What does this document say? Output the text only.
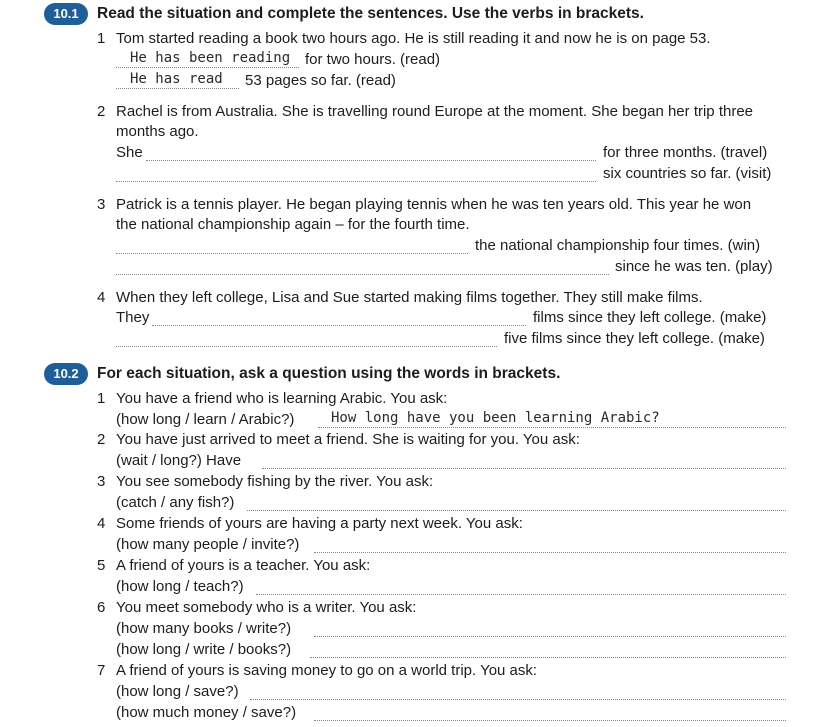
10.1	Read the situation and complete the sentences. Use the verbs in brackets.
1 Tom started reading a book two hours ago. He is still reading it and now he is on page 53.
He has been reading for two hours. (read)
He has read 53 pages so far. (read)
2 Rachel is from Australia. She is travelling round Europe at the moment. She began her trip three
months ago.
She	for three months. (travel)
six countries so far. (visit)
3 Patrick is a tennis player. He began playing tennis when he was ten years old. This year he won
the national championship again – for the fourth time.
the national championship four times. (win)
since he was ten. (play)
4 When they left college, Lisa and Sue started making films together. They still make films.
They	films since they left college. (make)
five films since they left college. (make)
10.2	For each situation, ask a question using the words in brackets.
1 You have a friend who is learning Arabic. You ask:
(how long / learn / Arabic?)	How long have you been learning Arabic?
2 You have just arrived to meet a friend. She is waiting for you. You ask:
(wait / long?) Have
3 You see somebody fishing by the river. You ask:
(catch / any fish?)
4 Some friends of yours are having a party next week. You ask:
(how many people / invite?)
5 A friend of yours is a teacher. You ask:
(how long / teach?)
6 You meet somebody who is a writer. You ask:
(how many books / write?)
(how long / write / books?)
7 A friend of yours is saving money to go on a world trip. You ask:
(how long / save?)
(how much money / save?)
